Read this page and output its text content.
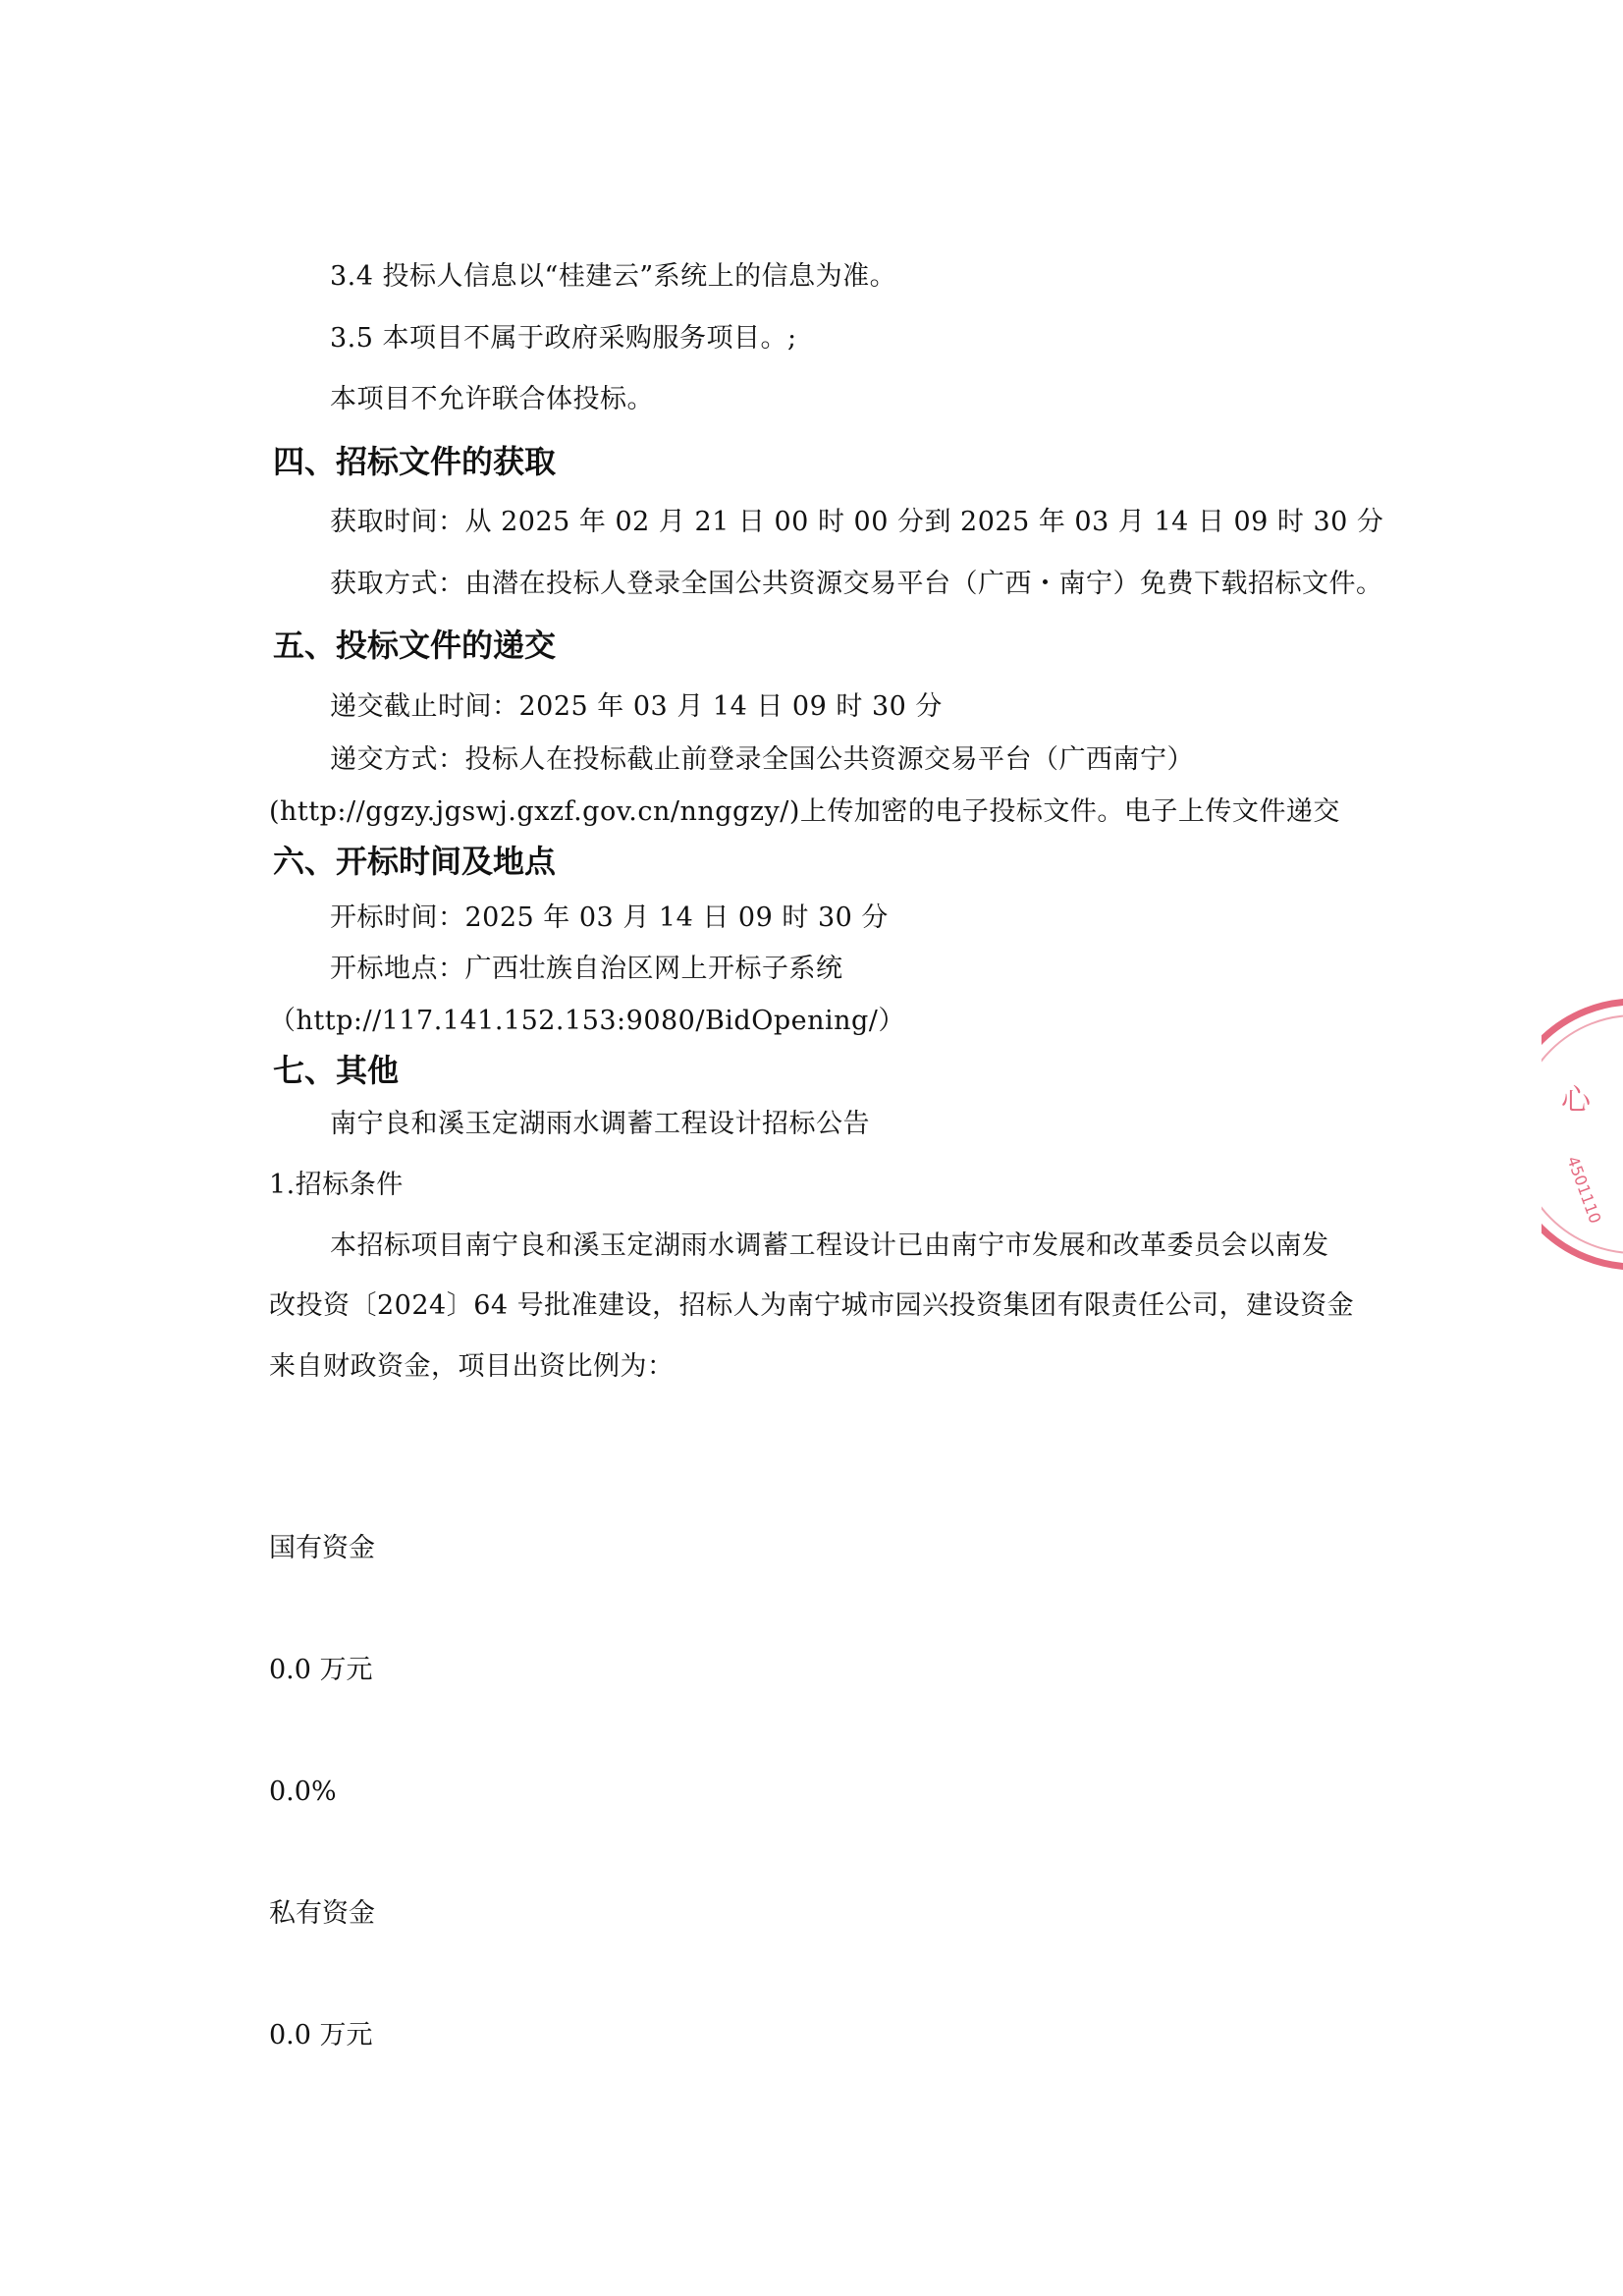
3.4 投标人信息以“桂建云”系统上的信息为准。
3.5 本项目不属于政府采购服务项目。;
本项目不允许联合体投标。
四、招标文件的获取
获取时间：从 2025 年 02 月 21 日 00 时 00 分到 2025 年 03 月 14 日 09 时 30 分
获取方式：由潜在投标人登录全国公共资源交易平台（广西・南宁）免费下载招标文件。
五、投标文件的递交
递交截止时间：2025 年 03 月 14 日 09 时 30 分
递交方式：投标人在投标截止前登录全国公共资源交易平台（广西南宁）
(http://ggzy.jgswj.gxzf.gov.cn/nnggzy/)上传加密的电子投标文件。电子上传文件递交
六、开标时间及地点
开标时间：2025 年 03 月 14 日 09 时 30 分
开标地点：广西壮族自治区网上开标子系统
（http://117.141.152.153:9080/BidOpening/）
七、其他
南宁良和溪玉定湖雨水调蓄工程设计招标公告
1.招标条件
本招标项目南宁良和溪玉定湖雨水调蓄工程设计已由南宁市发展和改革委员会以南发
改投资〔2024〕64 号批准建设，招标人为南宁城市园兴投资集团有限责任公司，建设资金
来自财政资金，项目出资比例为：
国有资金
0.0 万元
0.0%
私有资金
0.0 万元
心
4501110
